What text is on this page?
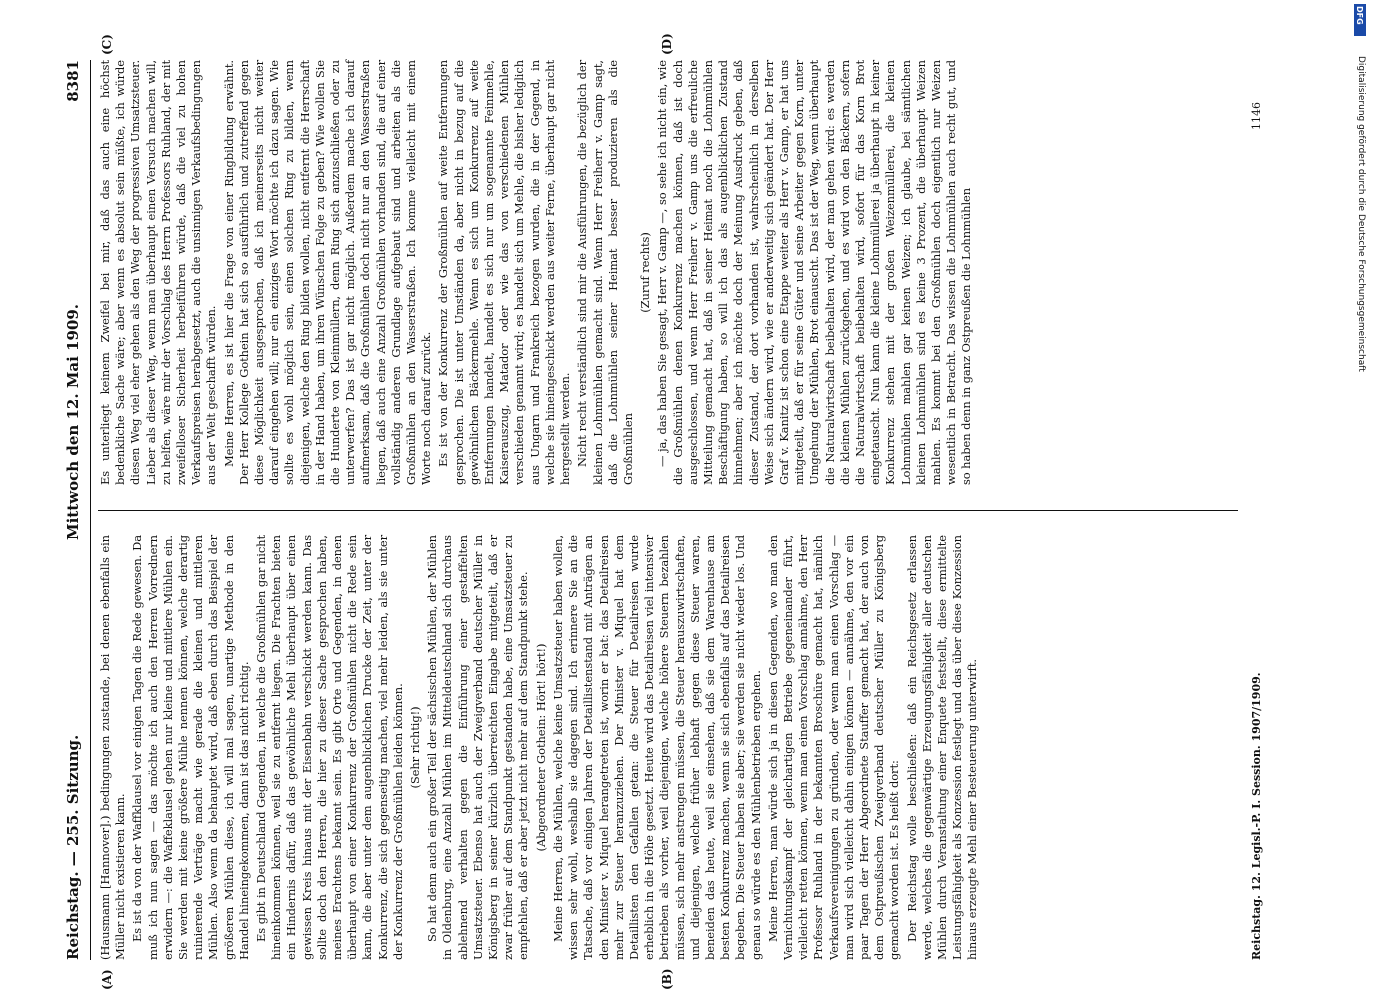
Reichstag. — 255. Sitzung.
Mittwoch den 12. Mai 1909.
8381
(A)	(B)
(C)	(D)

(Hausmann [Hannover].) bedingungen zustande, bei denen ebenfalls ein Müller nicht existieren kann. Es ist da von der Waffklausel vor einigen Tagen die Rede gewesen. Da muß ich nun sagen — das möchte ich auch den Herren Vorrednern erwidern —: die Waffeklausel gehen nur kleine und mittlere Mühlen ein. Sie werden mit keine größere Mühle nennen können, welche derartig ruinierende Verträge macht wie gerade die kleinen und mittleren Mühlen. Also wenn da behauptet wird, daß eben durch das Beispiel der größeren Mühlen diese, ich will mal sagen, unartige Methode in den Handel hineingekommen, dann ist das nicht richtig. Es gibt in Deutschland Gegenden, in welche die Großmühlen gar nicht hineinkommen können, weil sie zu entfernt liegen. Die Frachten bieten ein Hindernis dafür, daß das gewöhnliche Mehl überhaupt über einen gewissen Kreis hinaus mit der Eisenbahn verschickt werden kann. Das sollte doch den Herren, die hier zu dieser Sache gesprochen haben, meines Erachtens bekannt sein. Es gibt Orte und Gegenden, in denen überhaupt von einer Konkurrenz der Großmühlen nicht die Rede sein kann, die aber unter dem augenblicklichen Drucke der Zeit, unter der Konkurrenz, die sich gegenseitig machen, viel mehr leiden, als sie unter der Konkurrenz der Großmühlen leiden können. (Sehr richtig!) So hat denn auch ein großer Teil der sächsischen Mühlen, der Mühlen in Oldenburg, eine Anzahl Mühlen im Mitteldeutschland sich durchaus ablehnend verhalten gegen die Einführung einer gestaffelten Umsatzsteuer. Ebenso hat auch der Zweigverband deutscher Müller in Königsberg in seiner kürzlich überreichten Eingabe mitgeteilt, daß er zwar früher auf dem Standpunkt gestanden habe, eine Umsatzsteuer zu empfehlen, daß er aber jetzt nicht mehr auf dem Standpunkt stehe. (Abgeordneter Gothein: Hört! hört!) Meine Herren, die Mühlen, welche keine Umsatzsteuer haben wollen, wissen sehr wohl, weshalb sie dagegen sind. Ich erinnere Sie an die Tatsache, daß vor einigen Jahren der Detaillistenstand mit Anträgen an den Minister v. Miquel herangetreten ist, worin er bat: das Detailreisen mehr zur Steuer heranzuziehen. Der Minister v. Miquel hat dem Detaillisten den Gefallen getan: die Steuer für Detailreisen wurde erheblich in die Höhe gesetzt. Heute wird das Detailreisen viel intensiver betrieben als vorher, weil diejenigen, welche höhere Steuern bezahlen müssen, sich mehr anstrengen müssen, die Steuer herauszuwirtschaften, und diejenigen, welche früher lebhaft gegen diese Steuer waren, beneiden das heute, weil sie einsehen, daß sie dem Warenhause am besten Konkurrenz machen, wenn sie sich ebenfalls auf das Detailreisen begeben. Die Steuer haben sie aber; sie werden sie nicht wieder los. Und genau so würde es den Mühlenbetrieben ergehen. Meine Herren, man würde sich ja in diesen Gegenden, wo man den Vernichtungskampf der gleichartigen Betriebe gegeneinander führt, vielleicht retten können, wenn man einen Vorschlag annähme, den Herr Professor Ruhland in der bekannten Broschüre gemacht hat, nämlich Verkaufsvereinigungen zu gründen, oder wenn man einen Vorschlag — man wird sich vielleicht dahin einigen können — annähme, den vor ein paar Tagen der Herr Abgeordnete Stauffer gemacht hat, der auch von dem Ostpreußischen Zweigverband deutscher Müller zu Königsberg gemacht worden ist. Es heißt dort: Der Reichstag wolle beschließen: daß ein Reichsgesetz erlassen werde, welches die gegenwärtige Erzeugungsfähigkeit aller deutschen Mühlen durch Veranstaltung einer Enquete feststellt, diese ermittelte Leistungsfähigkeit als Konzession festlegt und das über diese Konzession hinaus erzeugte Mehl einer Besteuerung unterwirft.

Es unterliegt keinem Zweifel bei mir, daß das auch eine höchst bedenkliche Sache wäre; aber wenn es absolut sein müßte, ich würde diesen Weg viel eher gehen als den Weg der progressiven Umsatzsteuer. Lieber als dieser Weg, wenn man überhaupt einen Versuch machen will, zu helfen, wäre mir der Vorschlag des Herrn Professors Ruhland, der mit zweifelloser Sicherheit herbeiführen würde, daß die viel zu hohen Verkaufspreisen herabgesetzt, auch die unsinnigen Verkaufsbedingungen aus der Welt geschafft würden. Meine Herren, es ist hier die Frage von einer Ringbildung erwähnt. Der Herr Kollege Gothein hat sich so ausführlich und zutreffend gegen diese Möglichkeit ausgesprochen, daß ich meinerseits nicht weiter darauf eingehen will; nur ein einziges Wort möchte ich dazu sagen. Wie sollte es wohl möglich sein, einen solchen Ring zu bilden, wenn diejenigen, welche den Ring bilden wollen, nicht entfernt die Herrschaft in der Hand haben, um ihren Wünschen Folge zu geben? Wie wollen Sie die Hunderte von Kleinmüllern, denn Ring sich anzuschließen oder zu unterwerfen? Das ist gar nicht möglich. Außerdem mache ich darauf aufmerksam, daß die Großmühlen doch nicht nur an den Wasserstraßen liegen, daß auch eine Anzahl Großmühlen vorhanden sind, die auf einer vollständig anderen Grundlage aufgebaut sind und arbeiten als die Großmühlen an den Wasserstraßen. Ich komme vielleicht mit einem Worte noch darauf zurück. Es ist von der Konkurrenz der Großmühlen auf weite Entfernungen gesprochen. Die ist unter Umständen da, aber nicht in bezug auf die gewöhnlichen Bäckermehle. Wenn es sich um Konkurrenz auf weite Entfernungen handelt, handelt es sich nur um sogenannte Feinmehle, Kaiserauszug, Matador oder wie das von verschiedenen Mühlen verschieden genannt wird; es handelt sich um Mehle, die bisher lediglich aus Ungarn und Frankreich bezogen wurden, die in der Gegend, in welche sie hineingeschickt werden aus weiter Ferne, überhaupt gar nicht hergestellt werden. Nicht recht verständlich sind mir die Ausführungen, die bezüglich der kleinen Lohnmühlen gemacht sind. Wenn Herr Freiherr v. Gamp sagt, daß die Lohnmühlen seiner Heimat besser produzieren als die Großmühlen

(Zuruf rechts) — ja, das haben Sie gesagt, Herr v. Gamp —, so sehe ich nicht ein, wie die Großmühlen denen Konkurrenz machen können, daß ist doch ausgeschlossen, und wenn Herr Freiherr v. Gamp uns die erfreuliche Mitteilung gemacht hat, daß in seiner Heimat noch die Lohnmühlen Beschäftigung haben, so will ich das als augenblicklichen Zustand hinnehmen; aber ich möchte doch der Meinung Ausdruck geben, daß dieser Zustand, der dort vorhanden ist, wahrscheinlich in derselben Weise sich ändern wird, wie er anderweitig sich geändert hat. Der Herr Graf v. Kanitz ist schon eine Etappe weiter als Herr v. Gamp, er hat uns mitgeteilt, daß er für seine Güter und seine Arbeiter gegen Korn, unter Umgehung der Mühlen, Brot einauscht. Das ist der Weg, wenn überhaupt die Naturalwirtschaft beibehalten wird, der man gehen wird: es werden die kleinen Mühlen zurückgehen, und es wird von den Bäckern, sofern die Naturalwirtschaft beibehalten wird, sofort für das Korn Brot eingetauscht. Nun kann die kleine Lohnmüllerei ja überhaupt in keiner Konkurrenz stehen mit der großen Weizenmüllerei, die kleinen Lohnmühlen mahlen gar keinen Weizen; ich glaube, bei sämtlichen kleinen Lohnmühlen sind es keine 3 Prozent, die überhaupt Weizen mahlen. Es kommt bei den Großmühlen doch eigentlich nur Weizen wesentlich in Betracht. Das wissen die Lohnmühlen auch recht gut, und so haben denn in ganz Ostpreußen die Lohnmühlen

Reichstag. 12. Legisl.-P. I. Session. 1907/1909.
1146
DFG
Digitalisierung gefördert durch die Deutsche Forschungsgemeinschaft
